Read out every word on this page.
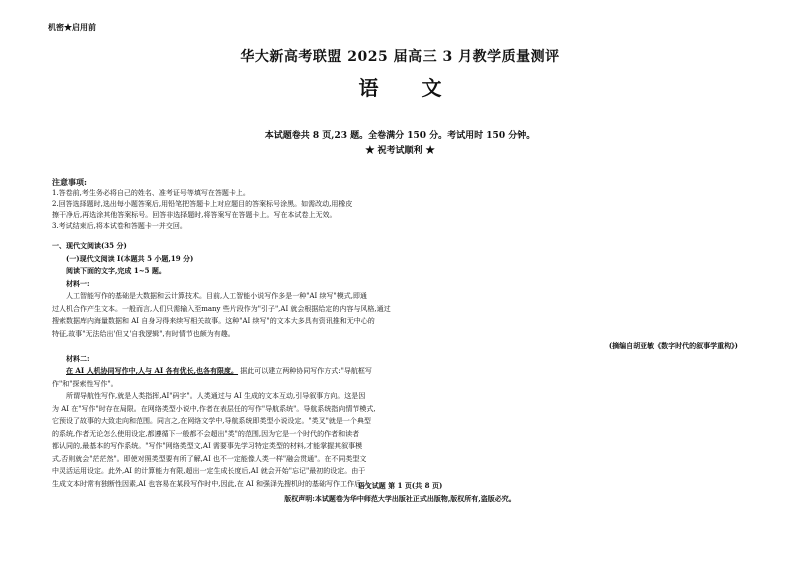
机密★启用前
华大新高考联盟 2025 届高三 3 月教学质量测评
语 文
本试题卷共 8 页,23 题。全卷满分 150 分。考试用时 150 分钟。
★ 祝考试顺利 ★
注意事项:
1.答卷前,考生务必将自己的姓名、准考证号等填写在答题卡上。
2.回答选择题时,选出每小题答案后,用铅笔把答题卡上对应题目的答案标号涂黑。如需改动,用橡皮
擦干净后,再选涂其他答案标号。回答非选择题时,将答案写在答题卡上。写在本试卷上无效。
3.考试结束后,将本试卷和答题卡一并交回。
一、现代文阅读(35 分)
(一)现代文阅读 Ⅰ(本题共 5 小题,19 分)
阅读下面的文字,完成 1~5 题。
材料一:
人工智能写作的基础是大数据和云计算技术。目前,人工智能小说写作多是一种"AI 续写"模式,即通
过人机合作产生文本。一般而言,人们只需输入至many 些片段作为"引子",AI 就会根据给定的内容与风格,通过
搜索数据库内海量数据和 AI 自身习得来续写相关故事。这种"AI 续写"的文本大多具有资讯推和无中心的
特征,故事"无法给出'但又'自我逻辑",有时情节也颇为有趣。
(摘编自胡亚敏《数字时代的叙事学重构》)
材料二:
在 AI 人机协同写作中,人与 AI 各有优长,也各有限度。 据此可以建立两种协同写作方式:"导航框写
作"和"探索性写作"。
所谓导航性写作,就是人类指挥,AI"码字"。人类通过与 AI 生成的文本互动,引导叙事方向。这是因
为 AI 在"写作"时存在局限。在网络类型小说中,作者在表层任的写作"导航系统"。导航系统指向情节模式,
它预设了故事的大致走向和范围。同言之,在网络文学中,导航系统即类型小说设定。"类叉"就是一个典型
的系统,作者无论怎么使用设定,都遵循下一般都不会超出"类"的范围,因为它是一个时代的作者和读者
都认同的,最基本的写作系统。"写作"网络类型文,AI 需要事先学习特定类型的材料,才能掌握其叙事模
式,否则就会"茫茫然"。即使对照类型要有所了解,AI 也不一定能像人类一样"融会贯通"。在不同类型文
中灵活运用设定。此外,AI 的计算能力有限,超出一定生成长度后,AI 就会开始"忘记"最初的设定。由于
生成文本时常有独断性因素,AI 也容易在某段写作时中,因此,在 AI 和强泽先搜机时的基础写作工作后,人
语文试题 第 1 页(共 8 页)
版权声明:本试题卷为华中师范大学出版社正式出版物,版权所有,盗版必究。
